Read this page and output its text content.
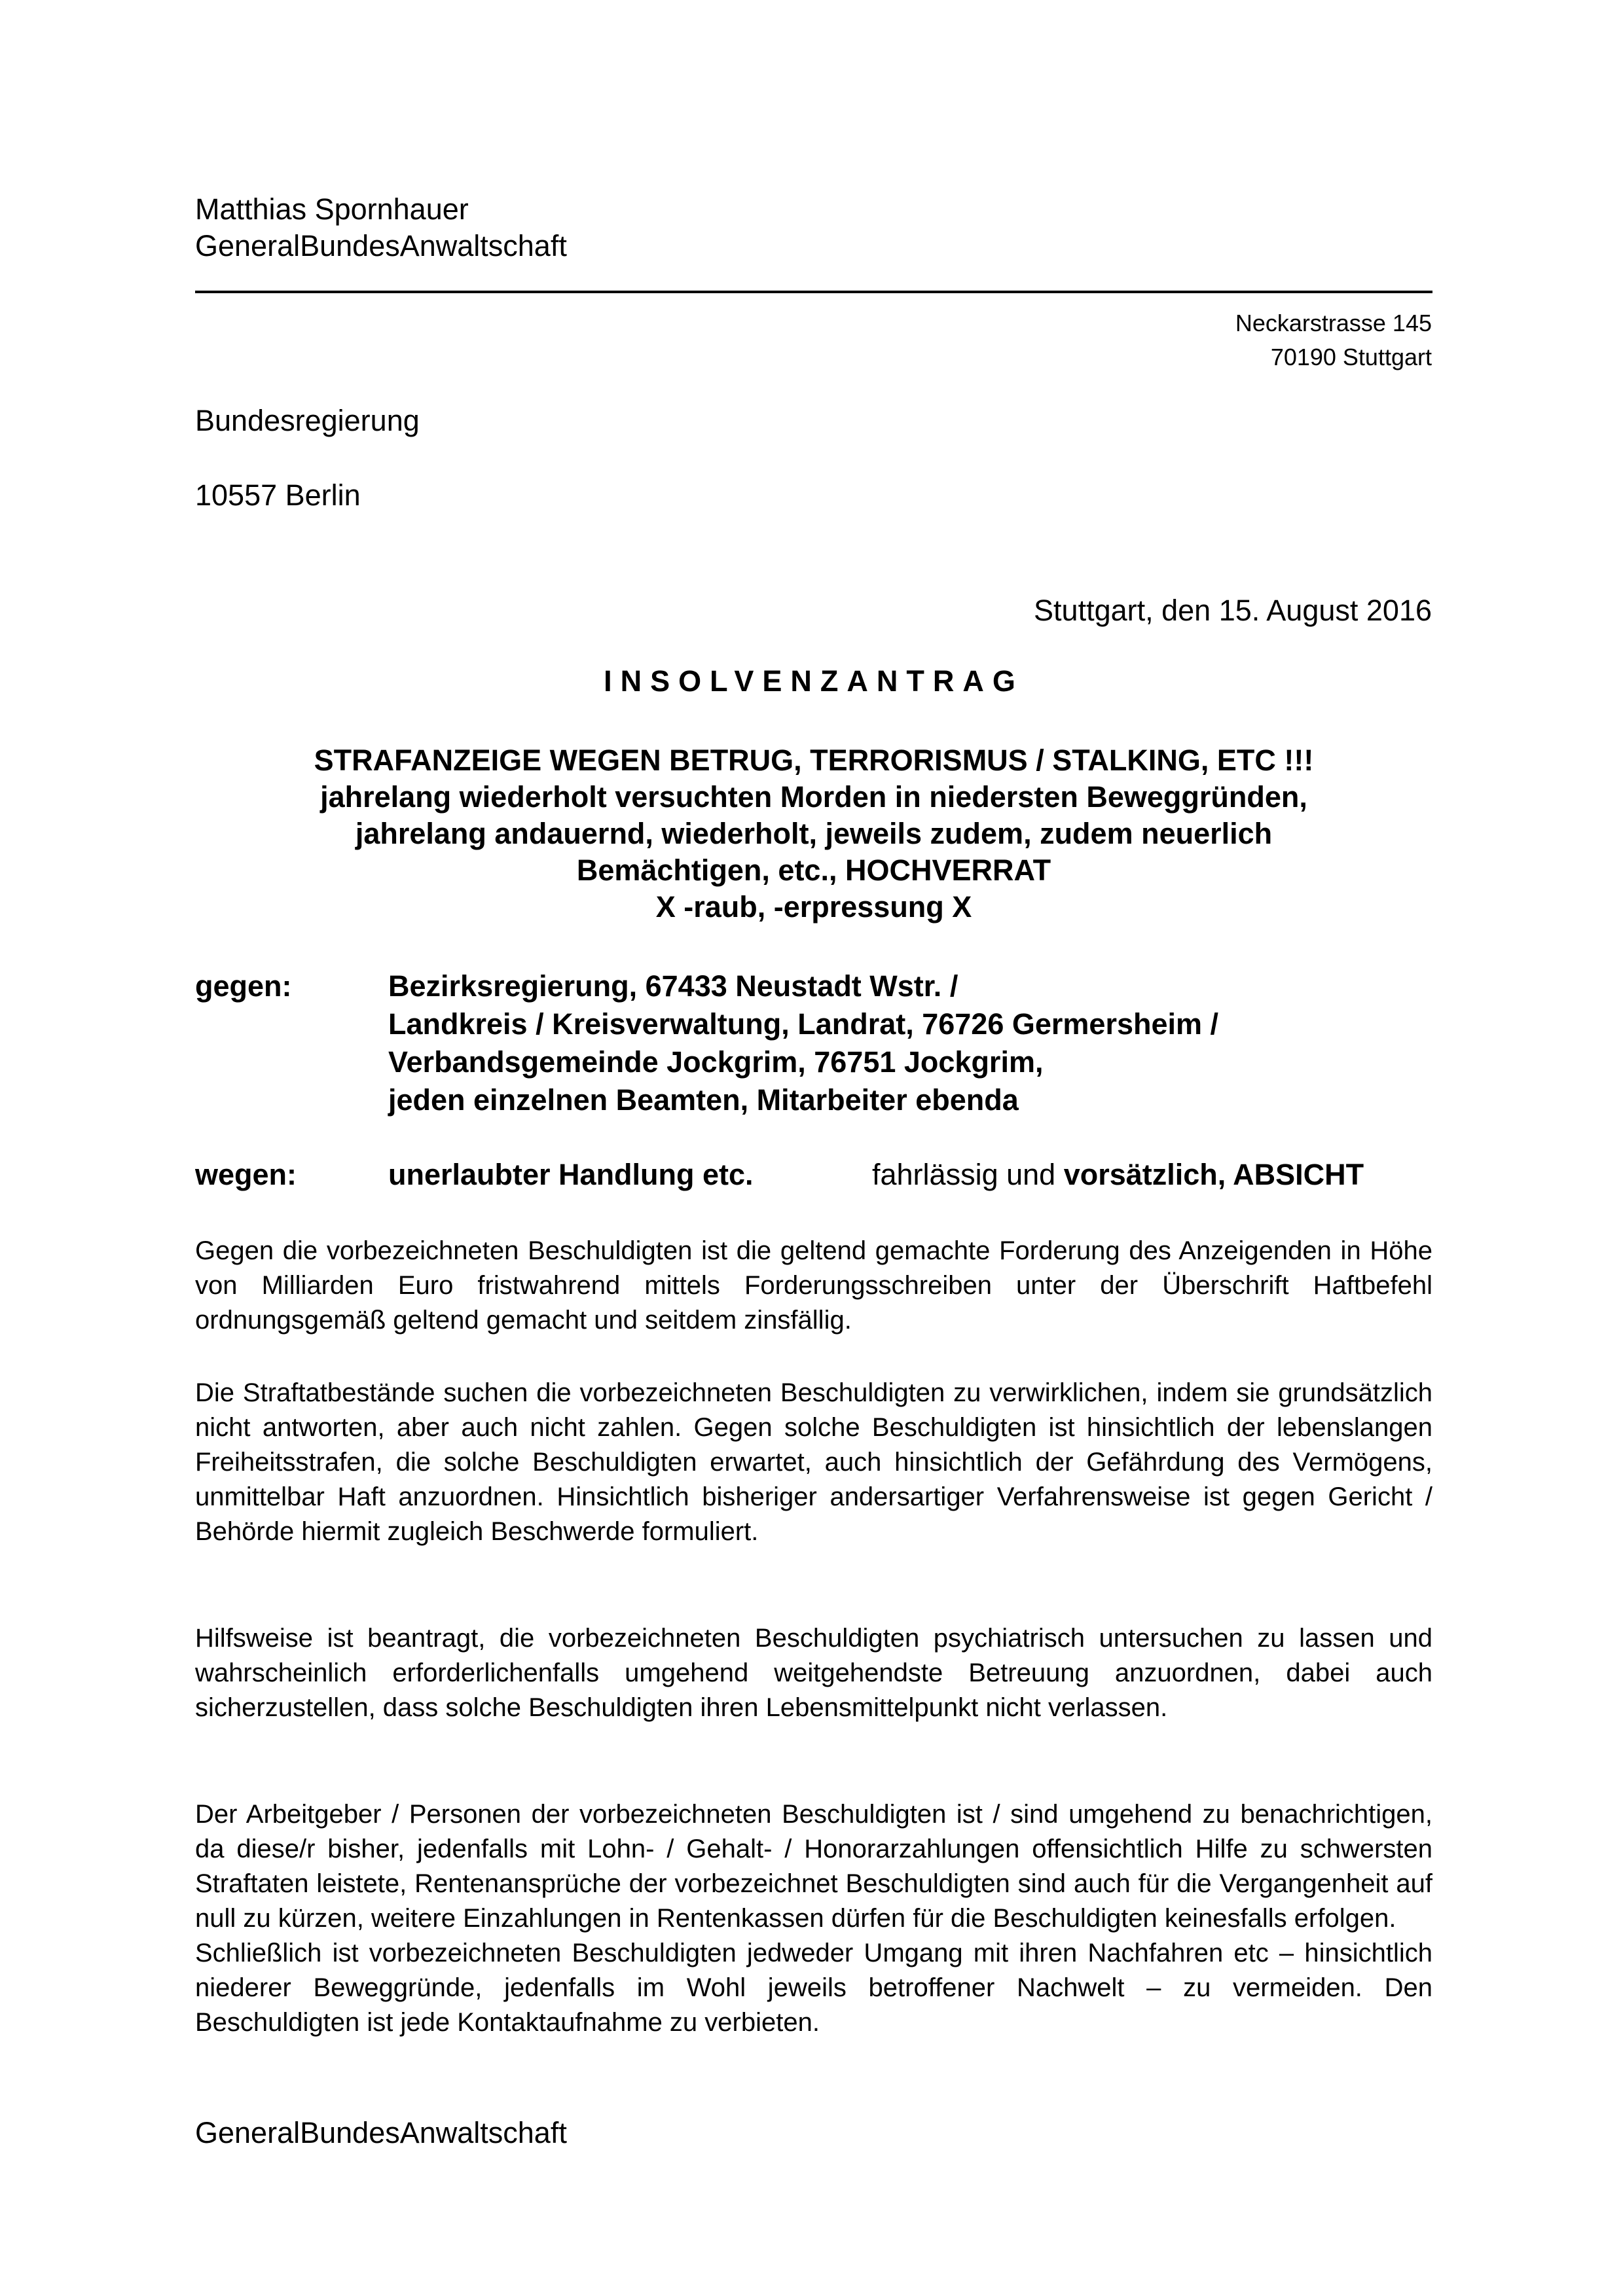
Matthias Spornhauer
GeneralBundesAnwaltschaft
Neckarstrasse 145
70190 Stuttgart
Bundesregierung
10557 Berlin
Stuttgart, den 15. August 2016
INSOLVENZANTRAG
STRAFANZEIGE WEGEN BETRUG, TERRORISMUS / STALKING, ETC !!!
jahrelang wiederholt versuchten Morden in niedersten Beweggründen,
jahrelang andauernd, wiederholt, jeweils zudem, zudem neuerlich
Bemächtigen, etc., HOCHVERRAT
X -raub, -erpressung X
gegen:	Bezirksregierung, 67433 Neustadt Wstr. /
Landkreis / Kreisverwaltung, Landrat, 76726 Germersheim /
Verbandsgemeinde Jockgrim, 76751 Jockgrim,
jeden einzelnen Beamten, Mitarbeiter ebenda
wegen:	unerlaubter Handlung etc.	fahrlässig und vorsätzlich, ABSICHT

Gegen die vorbezeichneten Beschuldigten ist die geltend gemachte Forderung des Anzeigenden in Höhe von Milliarden Euro fristwahrend mittels Forderungsschreiben unter der Überschrift Haftbefehl ordnungsgemäß geltend gemacht und seitdem zinsfällig.

Die Straftatbestände suchen die vorbezeichneten Beschuldigten zu verwirklichen, indem sie grundsätzlich nicht antworten, aber auch nicht zahlen. Gegen solche Beschuldigten ist hinsichtlich der lebenslangen Freiheitsstrafen, die solche Beschuldigten erwartet, auch hinsichtlich der Gefährdung des Vermögens, unmittelbar Haft anzuordnen. Hinsichtlich bisheriger andersartiger Verfahrensweise ist gegen Gericht / Behörde hiermit zugleich Beschwerde formuliert.

Hilfsweise ist beantragt, die vorbezeichneten Beschuldigten psychiatrisch untersuchen zu lassen und wahrscheinlich erforderlichenfalls umgehend weitgehendste Betreuung anzuordnen, dabei auch sicherzustellen, dass solche Beschuldigten ihren Lebensmittelpunkt nicht verlassen.

Der Arbeitgeber / Personen der vorbezeichneten Beschuldigten ist / sind umgehend zu benachrichtigen, da diese/r bisher, jedenfalls mit Lohn- / Gehalt- / Honorarzahlungen offensichtlich Hilfe zu schwersten Straftaten leistete, Rentenansprüche der vorbezeichnet Beschuldigten sind auch für die Vergangenheit auf null zu kürzen, weitere Einzahlungen in Rentenkassen dürfen für die Beschuldigten keinesfalls erfolgen.

Schließlich ist vorbezeichneten Beschuldigten jedweder Umgang mit ihren Nachfahren etc – hinsichtlich niederer Beweggründe, jedenfalls im Wohl jeweils betroffener Nachwelt – zu vermeiden. Den Beschuldigten ist jede Kontaktaufnahme zu verbieten.

GeneralBundesAnwaltschaft
